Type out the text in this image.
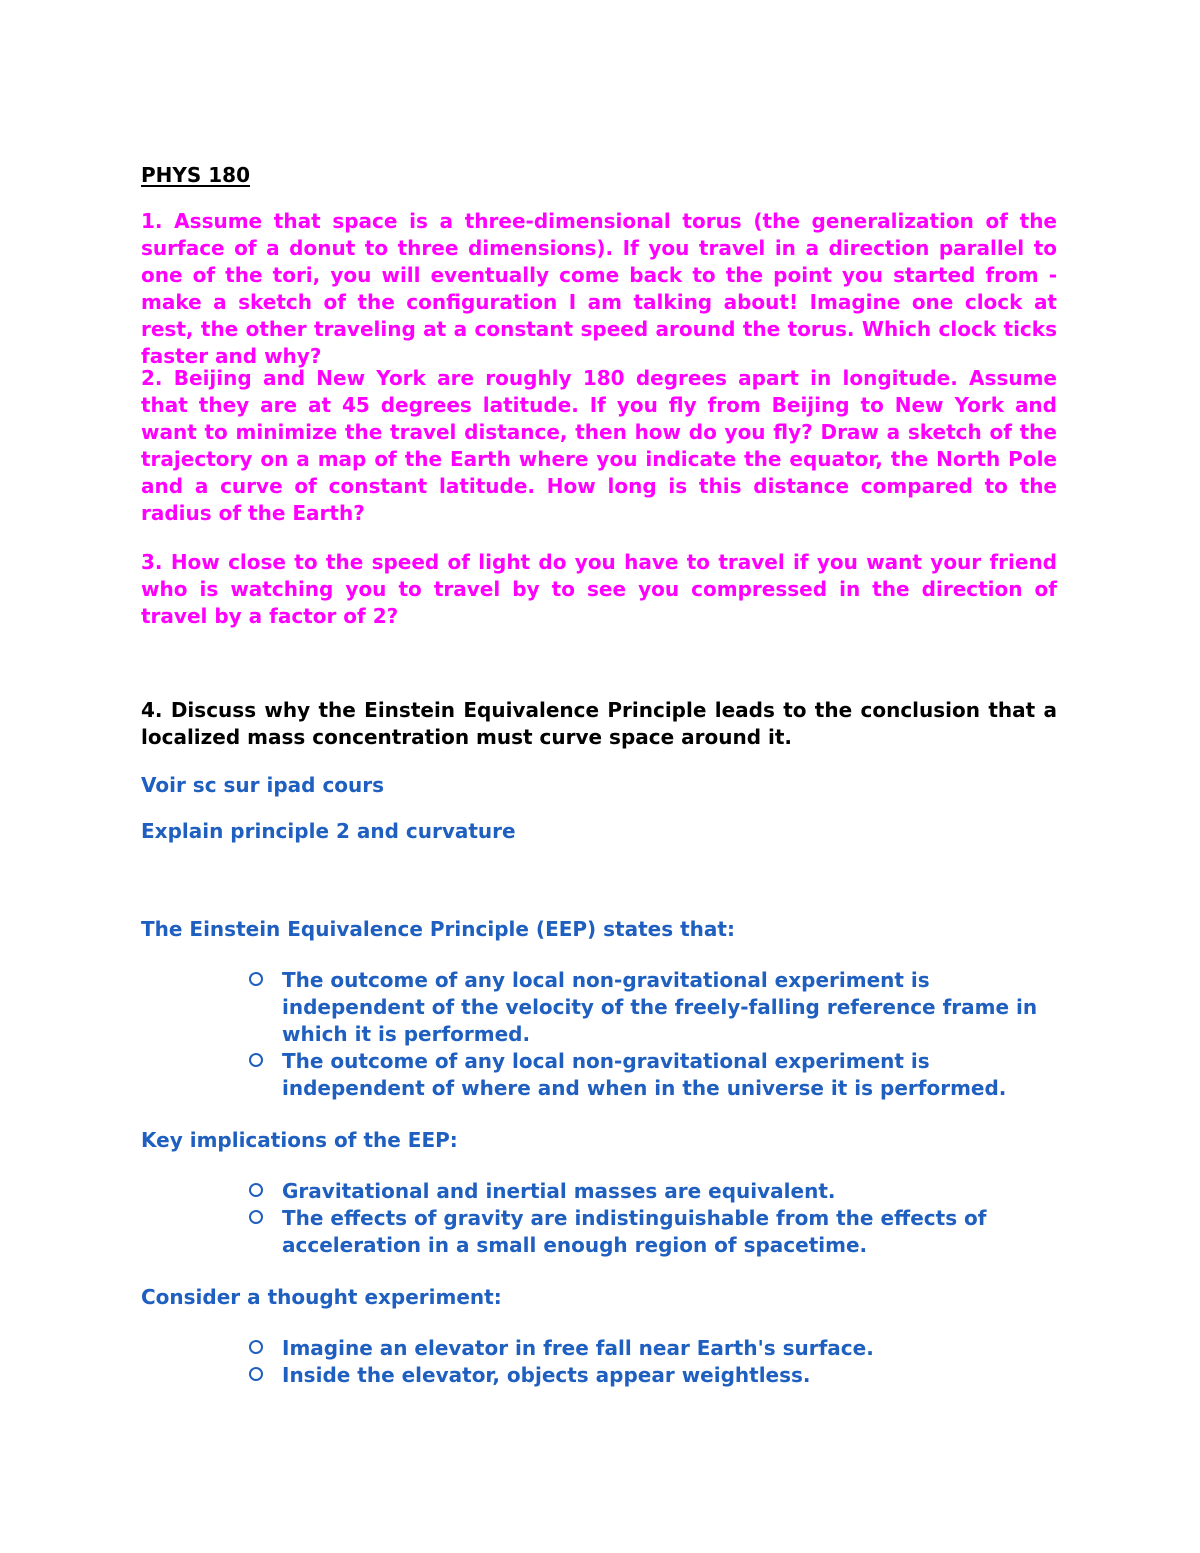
PHYS 180

1. Assume that space is a three-dimensional torus (the generalization of the surface of a donut to three dimensions). If you travel in a direction parallel to one of the tori, you will eventually come back to the point you started from - make a sketch of the configuration I am talking about! Imagine one clock at rest, the other traveling at a constant speed around the torus. Which clock ticks faster and why?

2. Beijing and New York are roughly 180 degrees apart in longitude. Assume that they are at 45 degrees latitude. If you fly from Beijing to New York and want to minimize the travel distance, then how do you fly? Draw a sketch of the trajectory on a map of the Earth where you indicate the equator, the North Pole and a curve of constant latitude. How long is this distance compared to the radius of the Earth?

3. How close to the speed of light do you have to travel if you want your friend who is watching you to travel by to see you compressed in the direction of travel by a factor of 2?

4. Discuss why the Einstein Equivalence Principle leads to the conclusion that a localized mass concentration must curve space around it.

Voir sc sur ipad cours

Explain principle 2 and curvature

The Einstein Equivalence Principle (EEP) states that:

The outcome of any local non-gravitational experiment is independent of the velocity of the freely-falling reference frame in which it is performed.
The outcome of any local non-gravitational experiment is independent of where and when in the universe it is performed.

Key implications of the EEP:

Gravitational and inertial masses are equivalent.
The effects of gravity are indistinguishable from the effects of acceleration in a small enough region of spacetime.

Consider a thought experiment:

Imagine an elevator in free fall near Earth's surface.
Inside the elevator, objects appear weightless.
